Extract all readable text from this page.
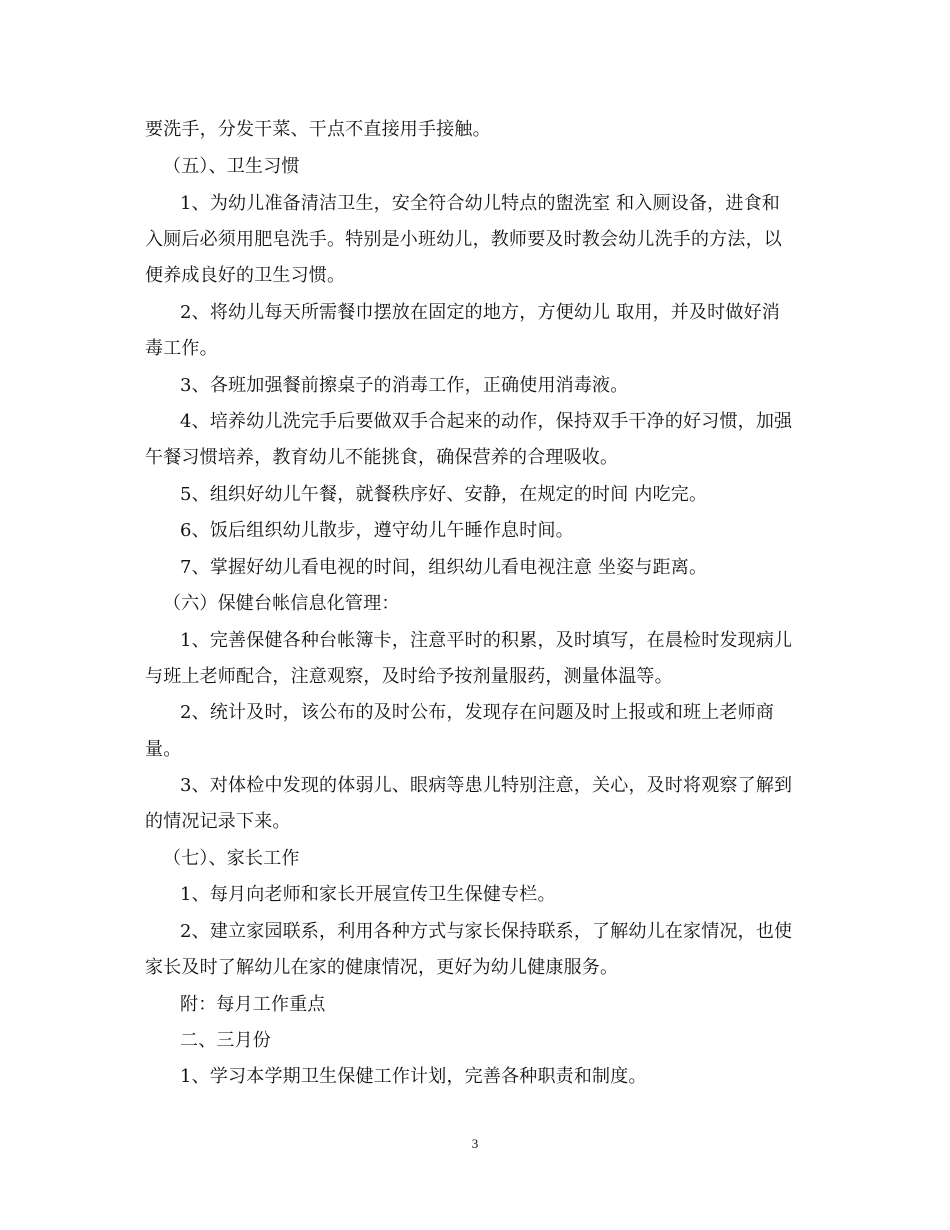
要洗手，分发干菜、干点不直接用手接触。
（五）、卫生习惯
1、为幼儿准备清洁卫生，安全符合幼儿特点的盥洗室 和入厕设备，进食和
入厕后必须用肥皂洗手。特别是小班幼儿，教师要及时教会幼儿洗手的方法，以
便养成良好的卫生习惯。
2、将幼儿每天所需餐巾摆放在固定的地方，方便幼儿 取用，并及时做好消
毒工作。
3、各班加强餐前擦桌子的消毒工作，正确使用消毒液。
4、培养幼儿洗完手后要做双手合起来的动作，保持双手干净的好习惯，加强
午餐习惯培养，教育幼儿不能挑食，确保营养的合理吸收。
5、组织好幼儿午餐，就餐秩序好、安静，在规定的时间 内吃完。
6、饭后组织幼儿散步，遵守幼儿午睡作息时间。
7、掌握好幼儿看电视的时间，组织幼儿看电视注意 坐姿与距离。
（六）保健台帐信息化管理：
1、完善保健各种台帐簿卡，注意平时的积累，及时填写，在晨检时发现病儿
与班上老师配合，注意观察，及时给予按剂量服药，测量体温等。
2、统计及时，该公布的及时公布，发现存在问题及时上报或和班上老师商
量。
3、对体检中发现的体弱儿、眼病等患儿特别注意，关心，及时将观察了解到
的情况记录下来。
（七）、家长工作
1、每月向老师和家长开展宣传卫生保健专栏。
2、建立家园联系，利用各种方式与家长保持联系，了解幼儿在家情况，也使
家长及时了解幼儿在家的健康情况，更好为幼儿健康服务。
附：每月工作重点
二、三月份
1、学习本学期卫生保健工作计划，完善各种职责和制度。
3
